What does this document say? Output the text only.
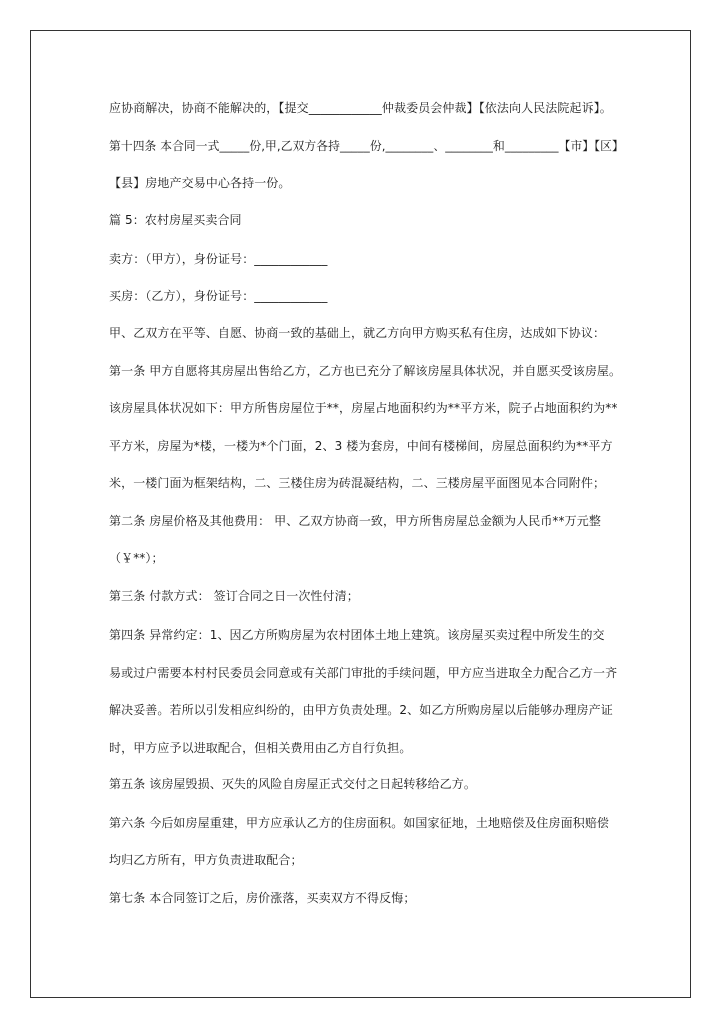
应协商解决，协商不能解决的，【提交____________仲裁委员会仲裁】【依法向人民法院起诉】。
第十四条 本合同一式_____份,甲,乙双方各持_____份,________、________和_________【市】【区】
【县】房地产交易中心各持一份。
篇 5：农村房屋买卖合同
卖方：（甲方），身份证号：____________
买房：（乙方），身份证号：____________
甲、乙双方在平等、自愿、协商一致的基础上，就乙方向甲方购买私有住房，达成如下协议：
第一条 甲方自愿将其房屋出售给乙方，乙方也已充分了解该房屋具体状况，并自愿买受该房屋。
该房屋具体状况如下：甲方所售房屋位于**，房屋占地面积约为**平方米，院子占地面积约为**
平方米，房屋为*楼，一楼为*个门面，2、3 楼为套房，中间有楼梯间，房屋总面积约为**平方
米，一楼门面为框架结构，二、三楼住房为砖混凝结构，二、三楼房屋平面图见本合同附件；
第二条 房屋价格及其他费用： 甲、乙双方协商一致，甲方所售房屋总金额为人民币**万元整
（￥**）；
第三条 付款方式： 签订合同之日一次性付清；
第四条 异常约定：1、因乙方所购房屋为农村团体土地上建筑。该房屋买卖过程中所发生的交
易或过户需要本村村民委员会同意或有关部门审批的手续问题，甲方应当进取全力配合乙方一齐
解决妥善。若所以引发相应纠纷的，由甲方负责处理。2、如乙方所购房屋以后能够办理房产证
时，甲方应予以进取配合，但相关费用由乙方自行负担。
第五条 该房屋毁损、灭失的风险自房屋正式交付之日起转移给乙方。
第六条 今后如房屋重建，甲方应承认乙方的住房面积。如国家征地，土地赔偿及住房面积赔偿
均归乙方所有，甲方负责进取配合；
第七条 本合同签订之后，房价涨落，买卖双方不得反悔；
